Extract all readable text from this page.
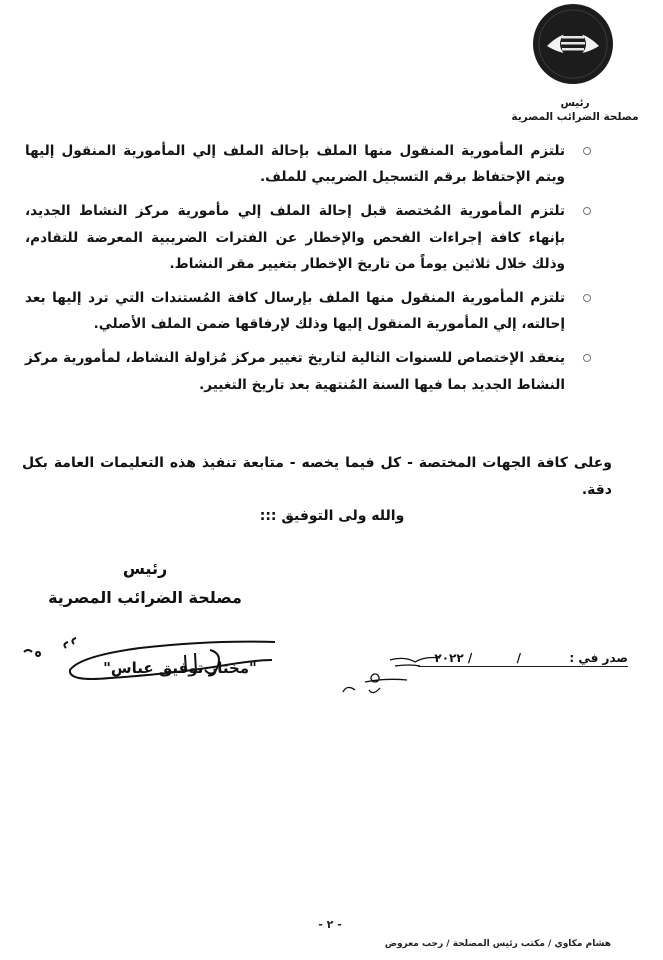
رئيس
مصلحة الضرائب المصرية
تلتزم المأمورية المنقول منها الملف بإحالة الملف إلي المأمورية المنقول إليها ويتم الإحتفاظ برقم التسجيل الضريبي للملف.
تلتزم المأمورية المُختصة قبل إحالة الملف إلي مأمورية مركز النشاط الجديد، بإنهاء كافة إجراءات الفحص والإخطار عن الفترات الضريبية المعرضة للتقادم، وذلك خلال ثلاثين يوماً من تاريخ الإخطار بتغيير مقر النشاط.
تلتزم المأمورية المنقول منها الملف بإرسال كافة المُستندات التي ترد إليها بعد إحالته، إلي المأمورية المنقول إليها وذلك لإرفاقها ضمن الملف الأصلي.
ينعقد الإختصاص للسنوات التالية لتاريخ تغيير مركز مُزاولة النشاط، لمأمورية مركز النشاط الجديد بما فيها السنة المُنتهية بعد تاريخ التغيير.
وعلى كافة الجهات المختصة - كل فيما يخصه - متابعة تنفيذ هذه التعليمات العامة بكل دقة.
والله ولى التوفيق :::
رئيس
مصلحة الضرائب المصرية
"مختار توفيق عباس"
صدر في :  /  / ٢٠٢٢
- ٢ -
هشام مكاوي / مكتب رئيس المصلحة / رجب معروض
